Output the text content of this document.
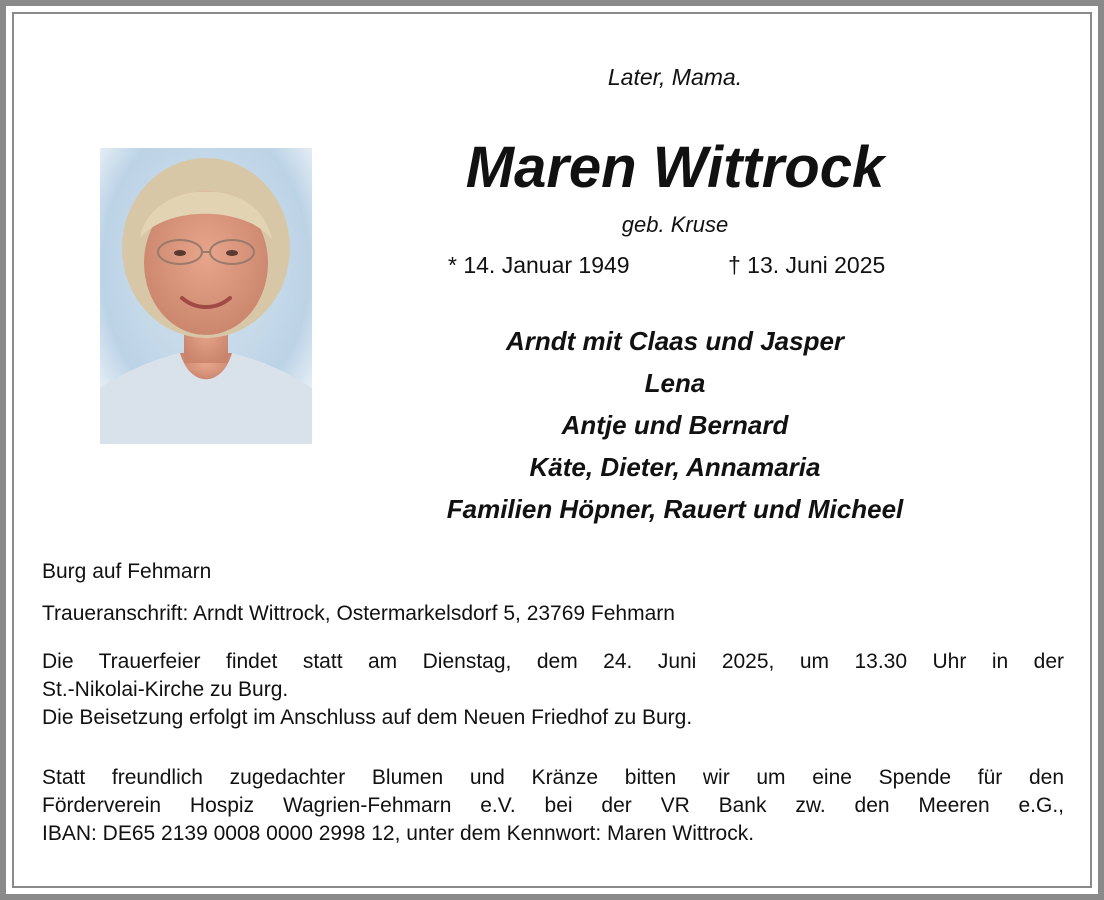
Later, Mama.
Maren Wittrock
geb. Kruse
* 14. Januar 1949	† 13. Juni 2025
Arndt mit Claas und Jasper
Lena
Antje und Bernard
Käte, Dieter, Annamaria
Familien Höpner, Rauert und Micheel
Burg auf Fehmarn
Traueranschrift: Arndt Wittrock, Ostermarkelsdorf 5, 23769 Fehmarn
Die Trauerfeier findet statt am Dienstag, dem 24. Juni 2025, um 13.30 Uhr in der
St.-Nikolai-Kirche zu Burg.
Die Beisetzung erfolgt im Anschluss auf dem Neuen Friedhof zu Burg.
Statt freundlich zugedachter Blumen und Kränze bitten wir um eine Spende für den
Förderverein Hospiz Wagrien-Fehmarn e.V. bei der VR Bank zw. den Meeren e.G.,
IBAN: DE65 2139 0008 0000 2998 12, unter dem Kennwort: Maren Wittrock.
